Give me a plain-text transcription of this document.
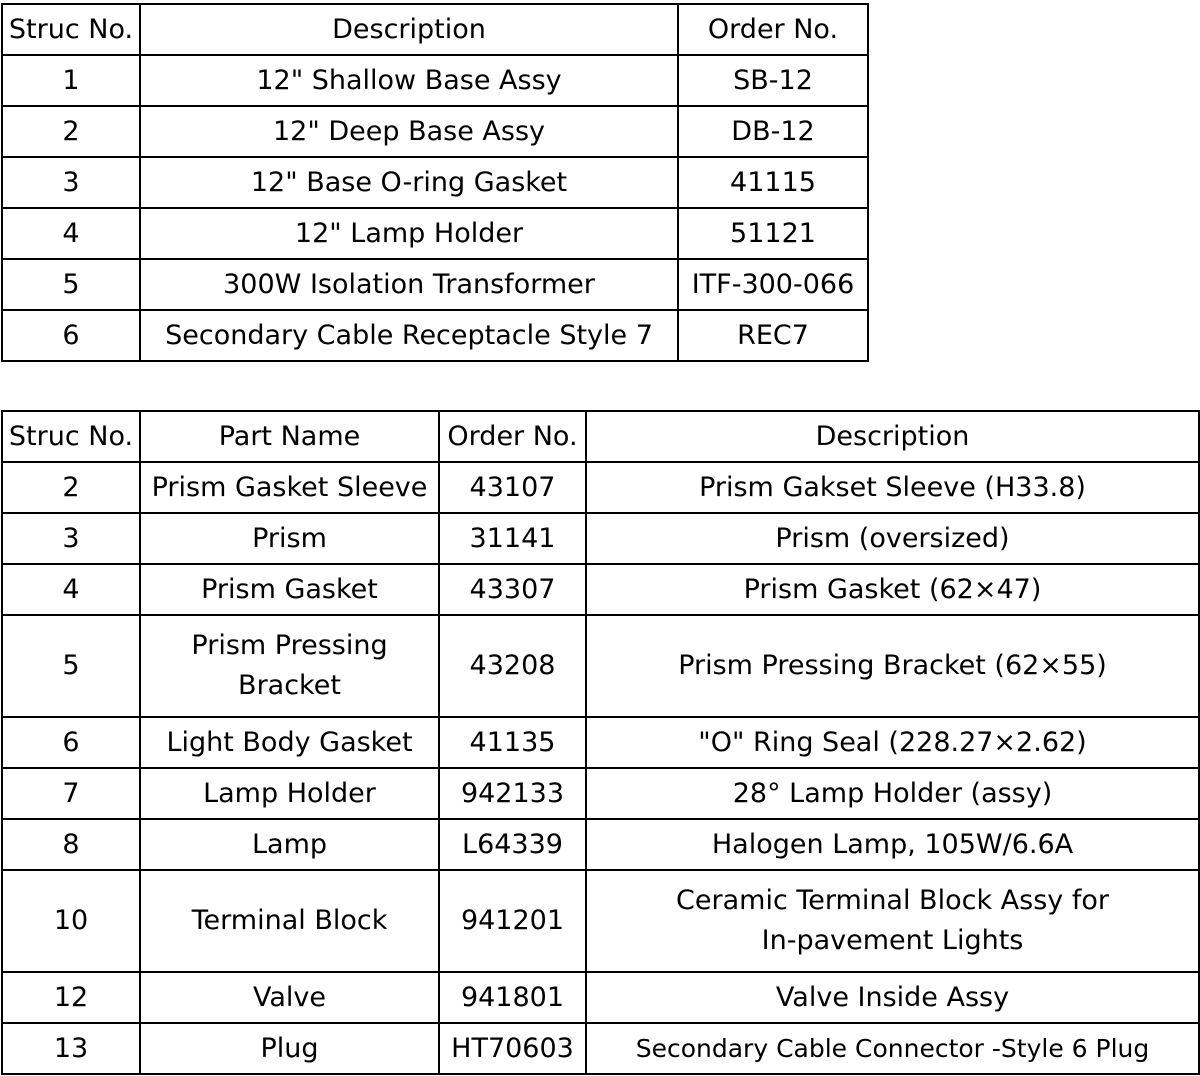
Struc No.	Description	Order No.
1	12" Shallow Base Assy	SB-12
2	12" Deep Base Assy	DB-12
3	12" Base O-ring Gasket	41115
4	12" Lamp Holder	51121
5	300W Isolation Transformer	ITF-300-066
6	Secondary Cable Receptacle Style 7	REC7
Struc No.	Part Name	Order No.	Description
2	Prism Gasket Sleeve	43107	Prism Gakset Sleeve (H33.8)
3	Prism	31141	Prism (oversized)
4	Prism Gasket	43307	Prism Gasket (62×47)
5	Prism Pressing Bracket	43208	Prism Pressing Bracket (62×55)
6	Light Body Gasket	41135	"O" Ring Seal (228.27×2.62)
7	Lamp Holder	942133	28° Lamp Holder (assy)
8	Lamp	L64339	Halogen Lamp, 105W/6.6A
10	Terminal Block	941201	Ceramic Terminal Block Assy for In-pavement Lights
12	Valve	941801	Valve Inside Assy
13	Plug	HT70603	Secondary Cable Connector -Style 6 Plug
